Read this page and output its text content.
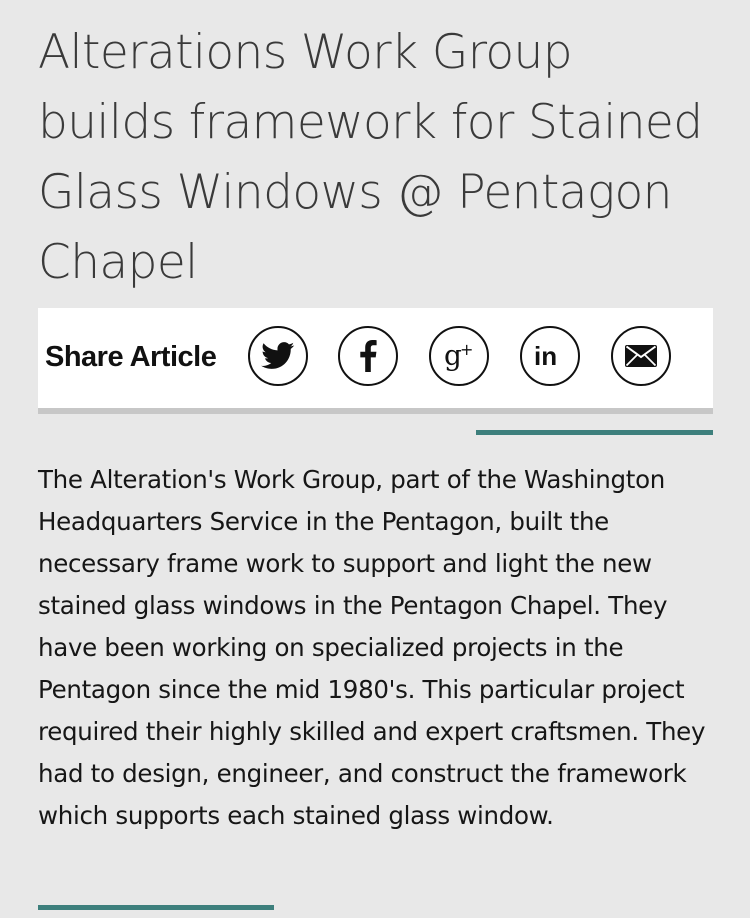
Alterations Work Group builds framework for Stained Glass Windows @ Pentagon Chapel
Share Article	g
+ in

The Alteration's Work Group, part of the Washington Headquarters Service in the Pentagon, built the necessary frame work to support and light the new stained glass windows in the Pentagon Chapel. They have been working on specialized projects in the Pentagon since the mid 1980's. This particular project required their highly skilled and expert craftsmen. They had to design, engineer, and construct the framework which supports each stained glass window.
